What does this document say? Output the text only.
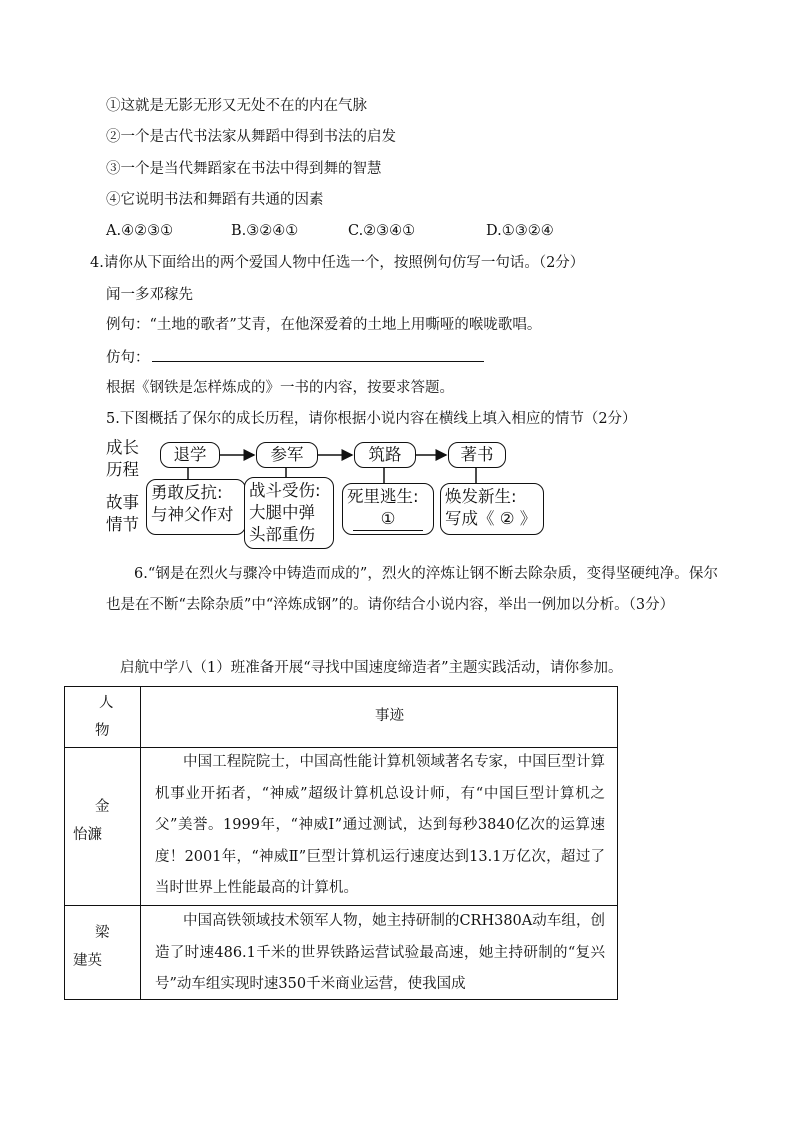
①这就是无影无形又无处不在的内在气脉
②一个是古代书法家从舞蹈中得到书法的启发
③一个是当代舞蹈家在书法中得到舞的智慧
④它说明书法和舞蹈有共通的因素
A.④②③①	B.③②④①	C.②③④①	D.①③②④
4.请你从下面给出的两个爱国人物中任选一个，按照例句仿写一句话。（2分）
闻一多邓稼先
例句：“土地的歌者”艾青，在他深爱着的土地上用嘶哑的喉咙歌唱。
仿句：
根据《钢铁是怎样炼成的》一书的内容，按要求答题。
5.下图概括了保尔的成长历程，请你根据小说内容在横线上填入相应的情节（2分）
成长
历程
故事
情节
退学	参军	筑路	著书
勇敢反抗:
与神父作对
战斗受伤:
大腿中弹
头部重伤
死里逃生:
①
焕发新生:
写成《 ② 》
6.“钢是在烈火与骤冷中铸造而成的”，烈火的淬炼让钢不断去除杂质，变得坚硬纯净。保尔也是在不断“去除杂质”中“淬炼成钢”的。请你结合小说内容，举出一例加以分析。（3分）
启航中学八（1）班准备开展“寻找中国速度缔造者”主题实践活动，请你参加。
人
物
事迹
金
怡濂
中国工程院院士，中国高性能计算机领域著名专家，中国巨型计算机事业开拓者，“神威”超级计算机总设计师，有“中国巨型计算机之父”美誉。1999年，“神威Ⅰ”通过测试，达到每秒3840亿次的运算速度！2001年，“神威Ⅱ”巨型计算机运行速度达到13.1万亿次，超过了当时世界上性能最高的计算机。
梁
建英
中国高铁领域技术领军人物，她主持研制的CRH380A动车组，创造了时速486.1千米的世界铁路运营试验最高速，她主持研制的“复兴号”动车组实现时速350千米商业运营，使我国成
